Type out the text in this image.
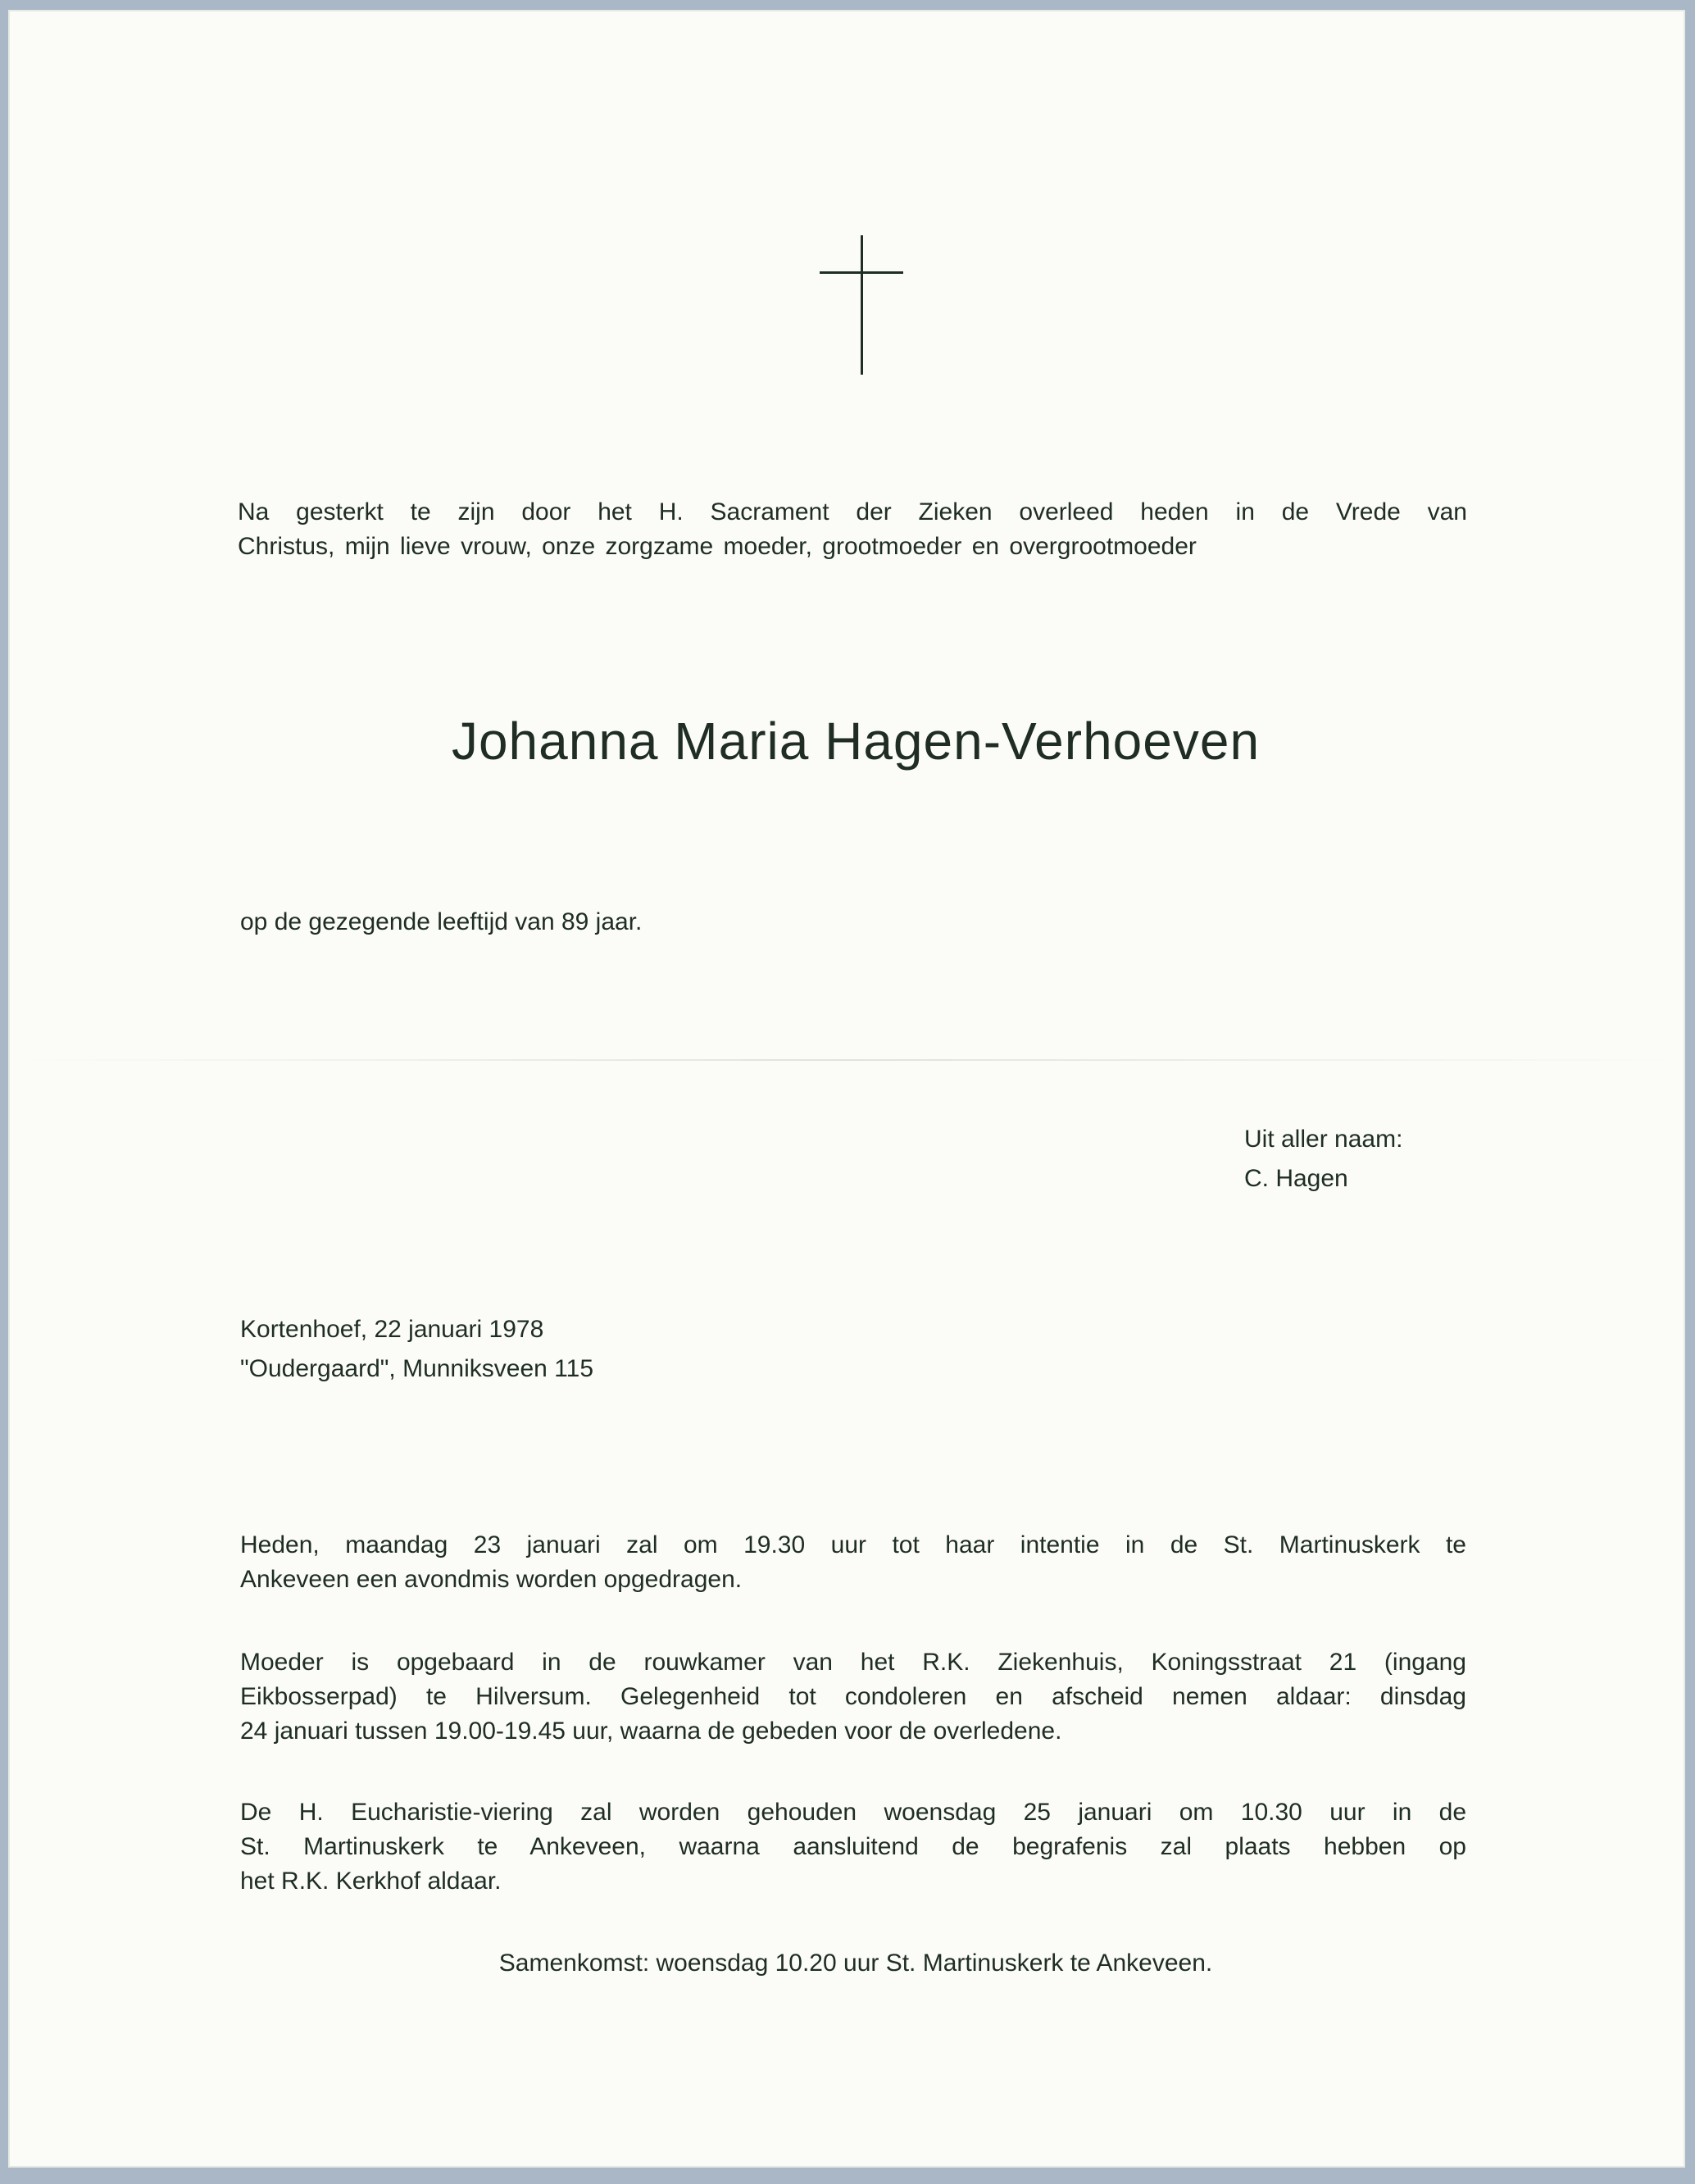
Na gesterkt te zijn door het H. Sacrament der Zieken overleed heden in de Vrede van
Christus, mijn lieve vrouw, onze zorgzame moeder, grootmoeder en overgrootmoeder

Johanna Maria Hagen-Verhoeven

op de gezegende leeftijd van 89 jaar.

Uit aller naam:
C. Hagen

Kortenhoef, 22 januari 1978
"Oudergaard", Munniksveen 115

Heden, maandag 23 januari zal om 19.30 uur tot haar intentie in de St. Martinuskerk te
Ankeveen een avondmis worden opgedragen.

Moeder is opgebaard in de rouwkamer van het R.K. Ziekenhuis, Koningsstraat 21 (ingang
Eikbosserpad) te Hilversum. Gelegenheid tot condoleren en afscheid nemen aldaar: dinsdag
24 januari tussen 19.00-19.45 uur, waarna de gebeden voor de overledene.

De H. Eucharistie-viering zal worden gehouden woensdag 25 januari om 10.30 uur in de
St. Martinuskerk te Ankeveen, waarna aansluitend de begrafenis zal plaats hebben op
het R.K. Kerkhof aldaar.

Samenkomst: woensdag 10.20 uur St. Martinuskerk te Ankeveen.
